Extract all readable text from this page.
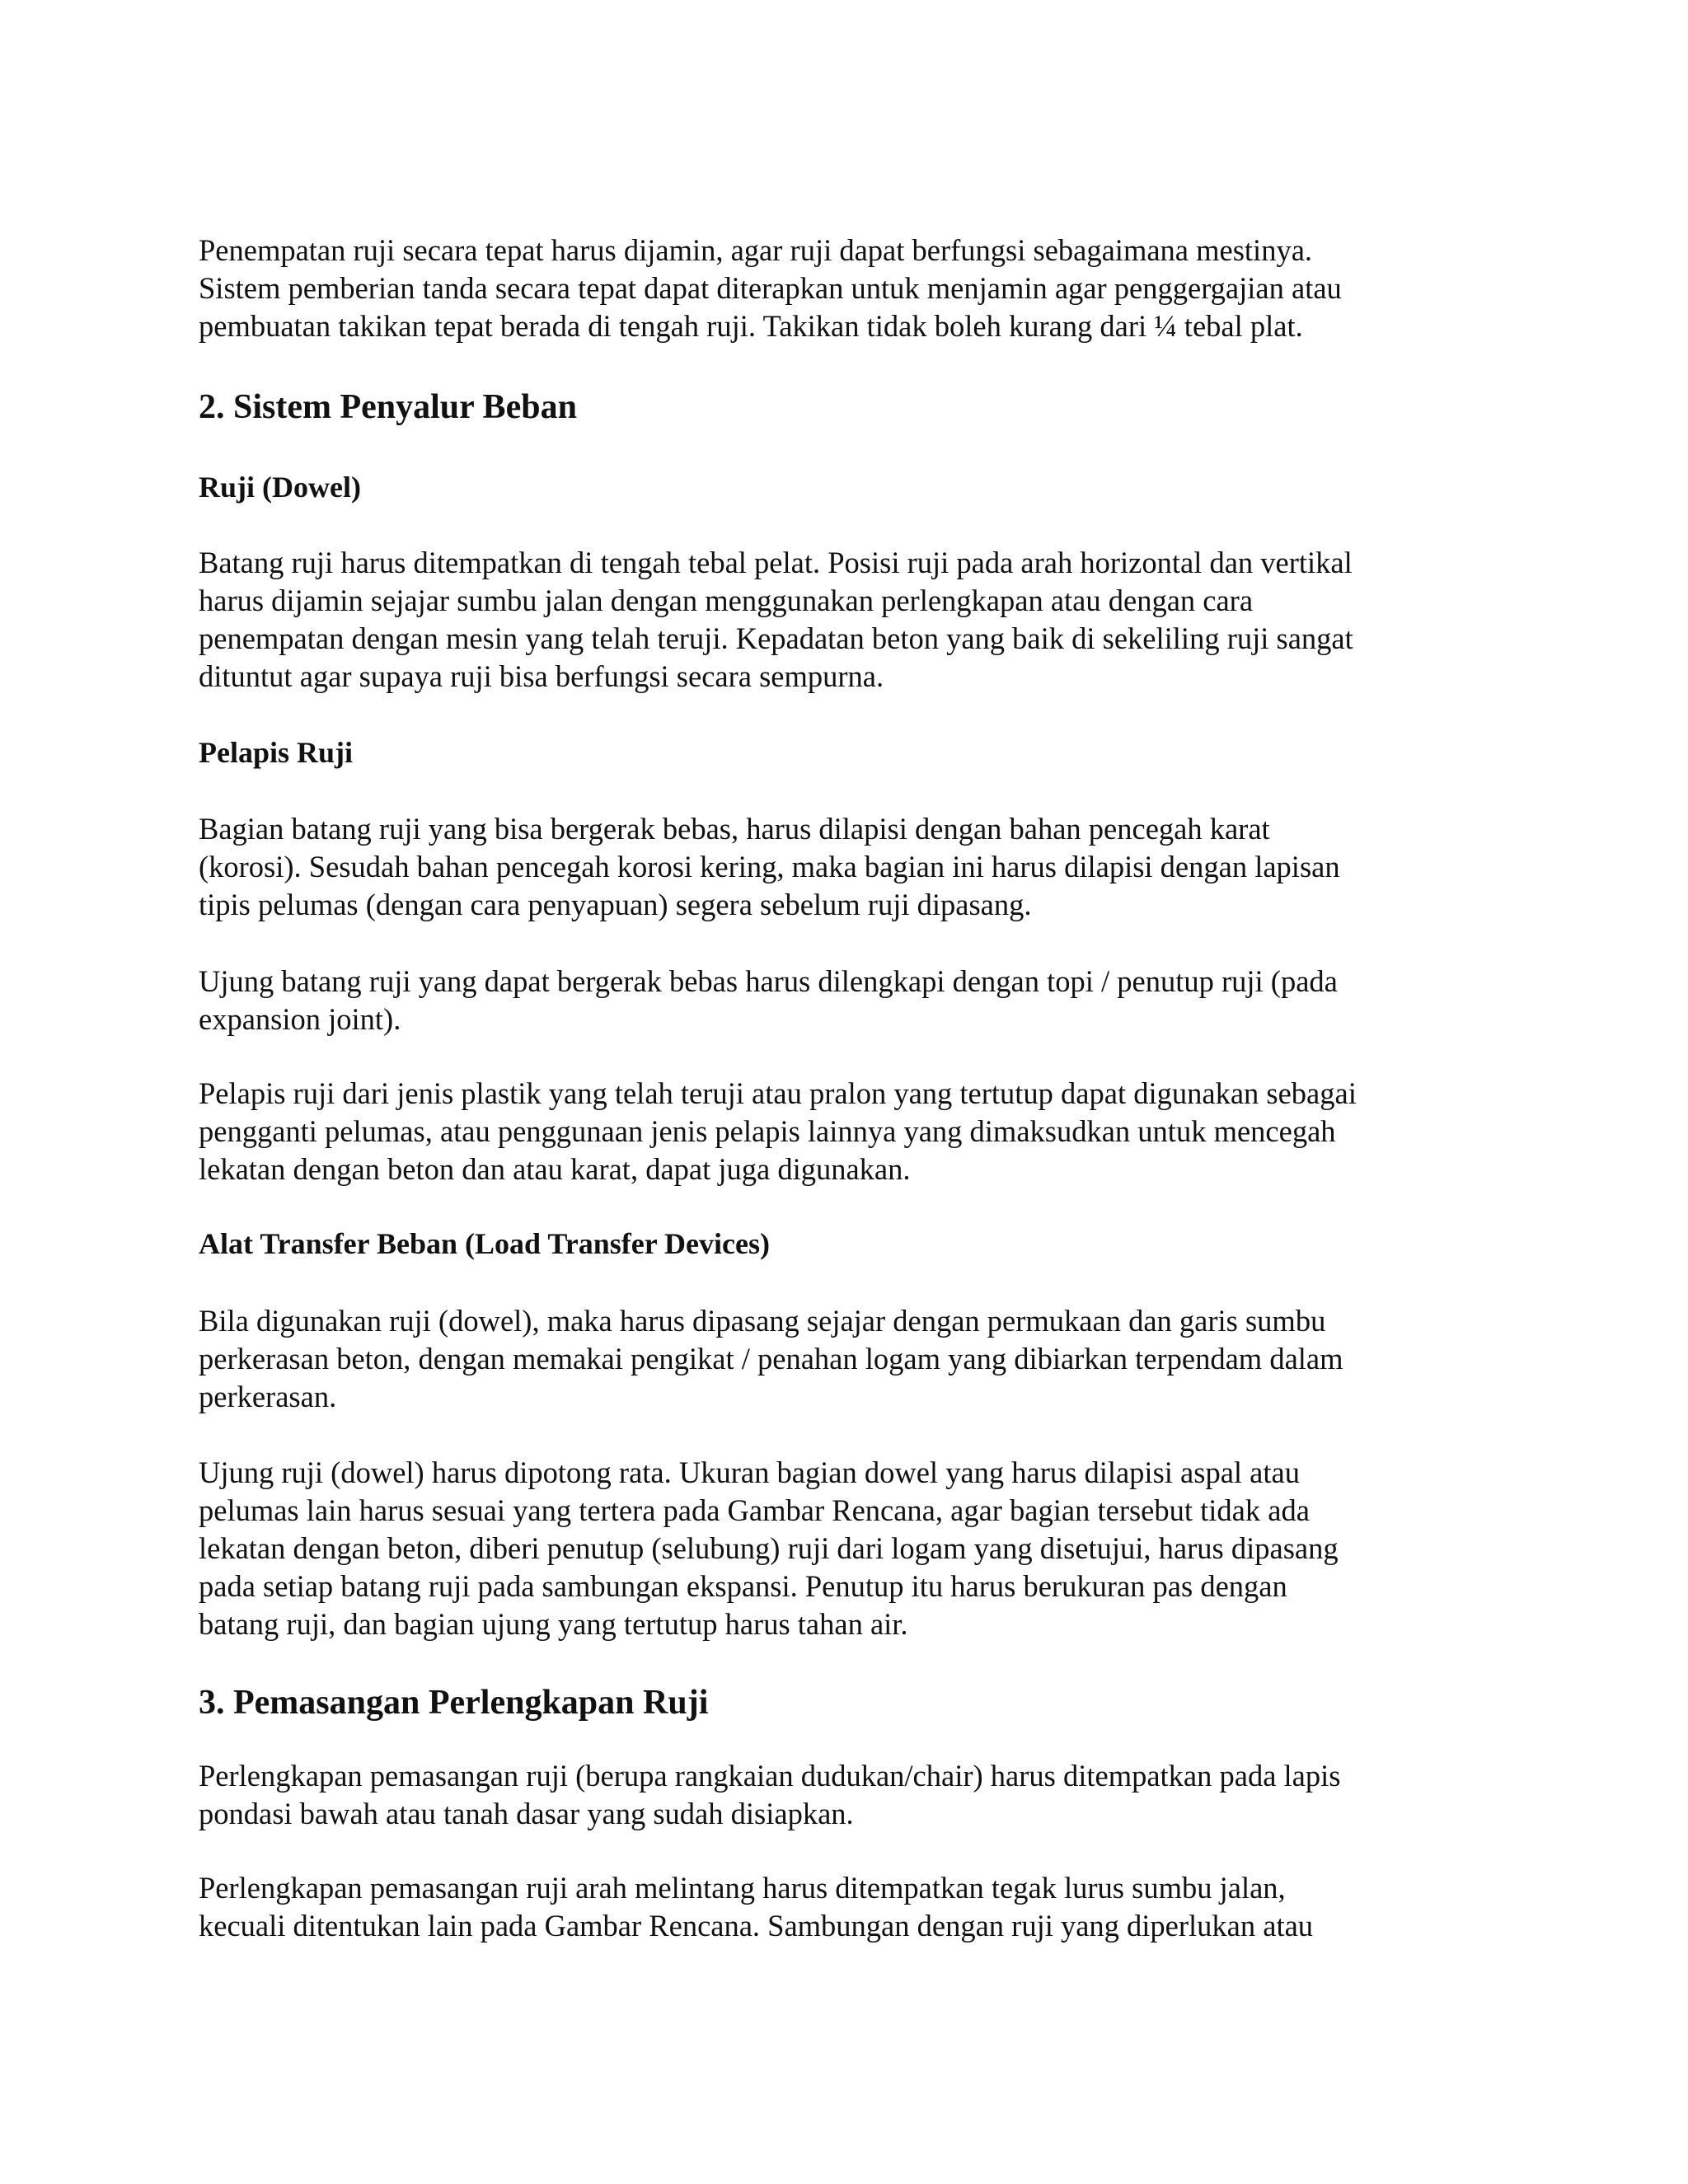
Penempatan ruji secara tepat harus dijamin, agar ruji dapat berfungsi sebagaimana mestinya.
Sistem pemberian tanda secara tepat dapat diterapkan untuk menjamin agar penggergajian atau
pembuatan takikan tepat berada di tengah ruji. Takikan tidak boleh kurang dari ¼ tebal plat.
2. Sistem Penyalur Beban
Ruji (Dowel)
Batang ruji harus ditempatkan di tengah tebal pelat. Posisi ruji pada arah horizontal dan vertikal
harus dijamin sejajar sumbu jalan dengan menggunakan perlengkapan atau dengan cara
penempatan dengan mesin yang telah teruji. Kepadatan beton yang baik di sekeliling ruji sangat
dituntut agar supaya ruji bisa berfungsi secara sempurna.
Pelapis Ruji
Bagian batang ruji yang bisa bergerak bebas, harus dilapisi dengan bahan pencegah karat
(korosi). Sesudah bahan pencegah korosi kering, maka bagian ini harus dilapisi dengan lapisan
tipis pelumas (dengan cara penyapuan) segera sebelum ruji dipasang.
Ujung batang ruji yang dapat bergerak bebas harus dilengkapi dengan topi / penutup ruji (pada
expansion joint).
Pelapis ruji dari jenis plastik yang telah teruji atau pralon yang tertutup dapat digunakan sebagai
pengganti pelumas, atau penggunaan jenis pelapis lainnya yang dimaksudkan untuk mencegah
lekatan dengan beton dan atau karat, dapat juga digunakan.
Alat Transfer Beban (Load Transfer Devices)
Bila digunakan ruji (dowel), maka harus dipasang sejajar dengan permukaan dan garis sumbu
perkerasan beton, dengan memakai pengikat / penahan logam yang dibiarkan terpendam dalam
perkerasan.
Ujung ruji (dowel) harus dipotong rata. Ukuran bagian dowel yang harus dilapisi aspal atau
pelumas lain harus sesuai yang tertera pada Gambar Rencana, agar bagian tersebut tidak ada
lekatan dengan beton, diberi penutup (selubung) ruji dari logam yang disetujui, harus dipasang
pada setiap batang ruji pada sambungan ekspansi. Penutup itu harus berukuran pas dengan
batang ruji, dan bagian ujung yang tertutup harus tahan air.
3. Pemasangan Perlengkapan Ruji
Perlengkapan pemasangan ruji (berupa rangkaian dudukan/chair) harus ditempatkan pada lapis
pondasi bawah atau tanah dasar yang sudah disiapkan.
Perlengkapan pemasangan ruji arah melintang harus ditempatkan tegak lurus sumbu jalan,
kecuali ditentukan lain pada Gambar Rencana. Sambungan dengan ruji yang diperlukan atau
